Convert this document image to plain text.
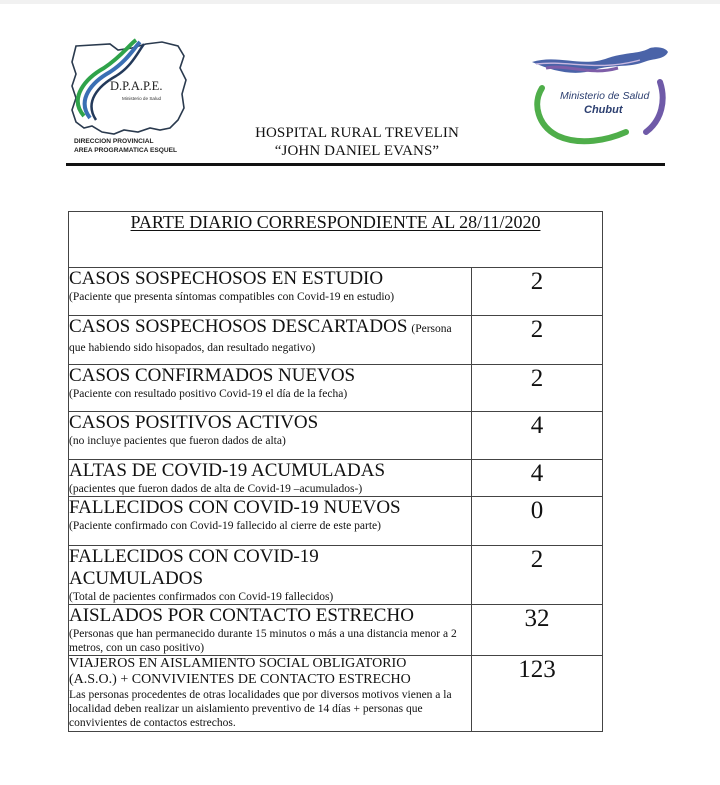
D.P.A.P.E.
Ministerio de Salud
DIRECCION PROVINCIAL
AREA PROGRAMATICA ESQUEL
Ministerio de Salud
Chubut
HOSPITAL RURAL TREVELIN
“JOHN DANIEL EVANS”
PARTE DIARIO CORRESPONDIENTE AL 28/11/2020	

CASOS SOSPECHOSOS EN ESTUDIO
(Paciente que presenta síntomas compatibles con Covid-19 en estudio)	2
CASOS SOSPECHOSOS DESCARTADOS (Persona que habiendo sido hisopados, dan resultado negativo)	2

CASOS CONFIRMADOS NUEVOS
(Paciente con resultado positivo Covid-19 el día de la fecha)	2

CASOS POSITIVOS ACTIVOS
(no incluye pacientes que fueron dados de alta)	4

ALTAS DE COVID-19 ACUMULADAS
(pacientes que fueron dados de alta de Covid-19 –acumulados-)	4

FALLECIDOS CON COVID-19 NUEVOS
(Paciente confirmado con Covid-19 fallecido al cierre de este parte)	0

FALLECIDOS CON COVID-19 ACUMULADOS
(Total de pacientes confirmados con Covid-19 fallecidos)	2

AISLADOS POR CONTACTO ESTRECHO
(Personas que han permanecido durante 15 minutos o más a una distancia menor a 2 metros, con un caso positivo)	32

VIAJEROS EN AISLAMIENTO SOCIAL OBLIGATORIO (A.S.O.) + CONVIVIENTES DE CONTACTO ESTRECHO
Las personas procedentes de otras localidades que por diversos motivos vienen a la localidad deben realizar un aislamiento preventivo de 14 días + personas que convivientes de contactos estrechos.	123
